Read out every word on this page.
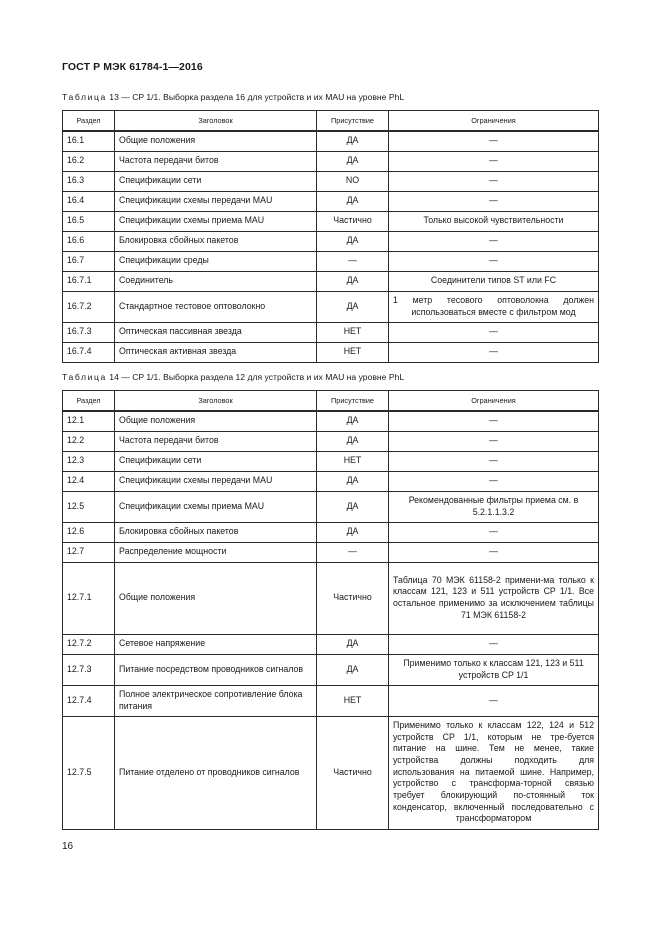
ГОСТ Р МЭК 61784-1—2016
Таблица 13 — CP 1/1. Выборка раздела 16 для устройств и их MAU на уровне PhL
Раздел	Заголовок	Присутствие	Ограничения
16.1	Общие положения	ДА	—
16.2	Частота передачи битов	ДА	—
16.3	Спецификации сети	NO	—
16.4	Спецификации схемы передачи MAU	ДА	—
16.5	Спецификации схемы приема MAU	Частично	Только высокой чувствительности
16.6	Блокировка сбойных пакетов	ДА	—
16.7	Спецификации среды	—	—
16.7.1	Соединитель	ДА	Соединители типов ST или FC
16.7.2	Стандартное тестовое оптоволокно	ДА	1 метр тесового оптоволокна должен использоваться вместе с фильтром мод
16.7.3	Оптическая пассивная звезда	НЕТ	—
16.7.4	Оптическая активная звезда	НЕТ	—
Таблица 14 — CP 1/1. Выборка раздела 12 для устройств и их MAU на уровне PhL
Раздел	Заголовок	Присутствие	Ограничения
12.1	Общие положения	ДА	—
12.2	Частота передачи битов	ДА	—
12.3	Спецификации сети	НЕТ	—
12.4	Спецификации схемы передачи MAU	ДА	—
12.5	Спецификации схемы приема MAU	ДА	Рекомендованные фильтры приема см. в 5.2.1.1.3.2
12.6	Блокировка сбойных пакетов	ДА	—
12.7	Распределение мощности	—	—
12.7.1	Общие положения	Частично	Таблица 70 МЭК 61158-2 примени-ма только к классам 121, 123 и 511 устройств CP 1/1. Все остальное применимо за исключением таблицы 71 МЭК 61158-2
12.7.2	Сетевое напряжение	ДА	—
12.7.3	Питание посредством проводников сигналов	ДА	Применимо только к классам 121, 123 и 511 устройств CP 1/1
12.7.4	Полное электрическое сопротивление блока питания	НЕТ	—
12.7.5	Питание отделено от проводников сигналов	Частично	Применимо только к классам 122, 124 и 512 устройств CP 1/1, которым не тре-буется питание на шине. Тем не менее, такие устройства должны подходить для использования на питаемой шине. Например, устройство с трансформа-торной связью требует блокирующий по-стоянный ток конденсатор, включенный последовательно с трансформатором
16
